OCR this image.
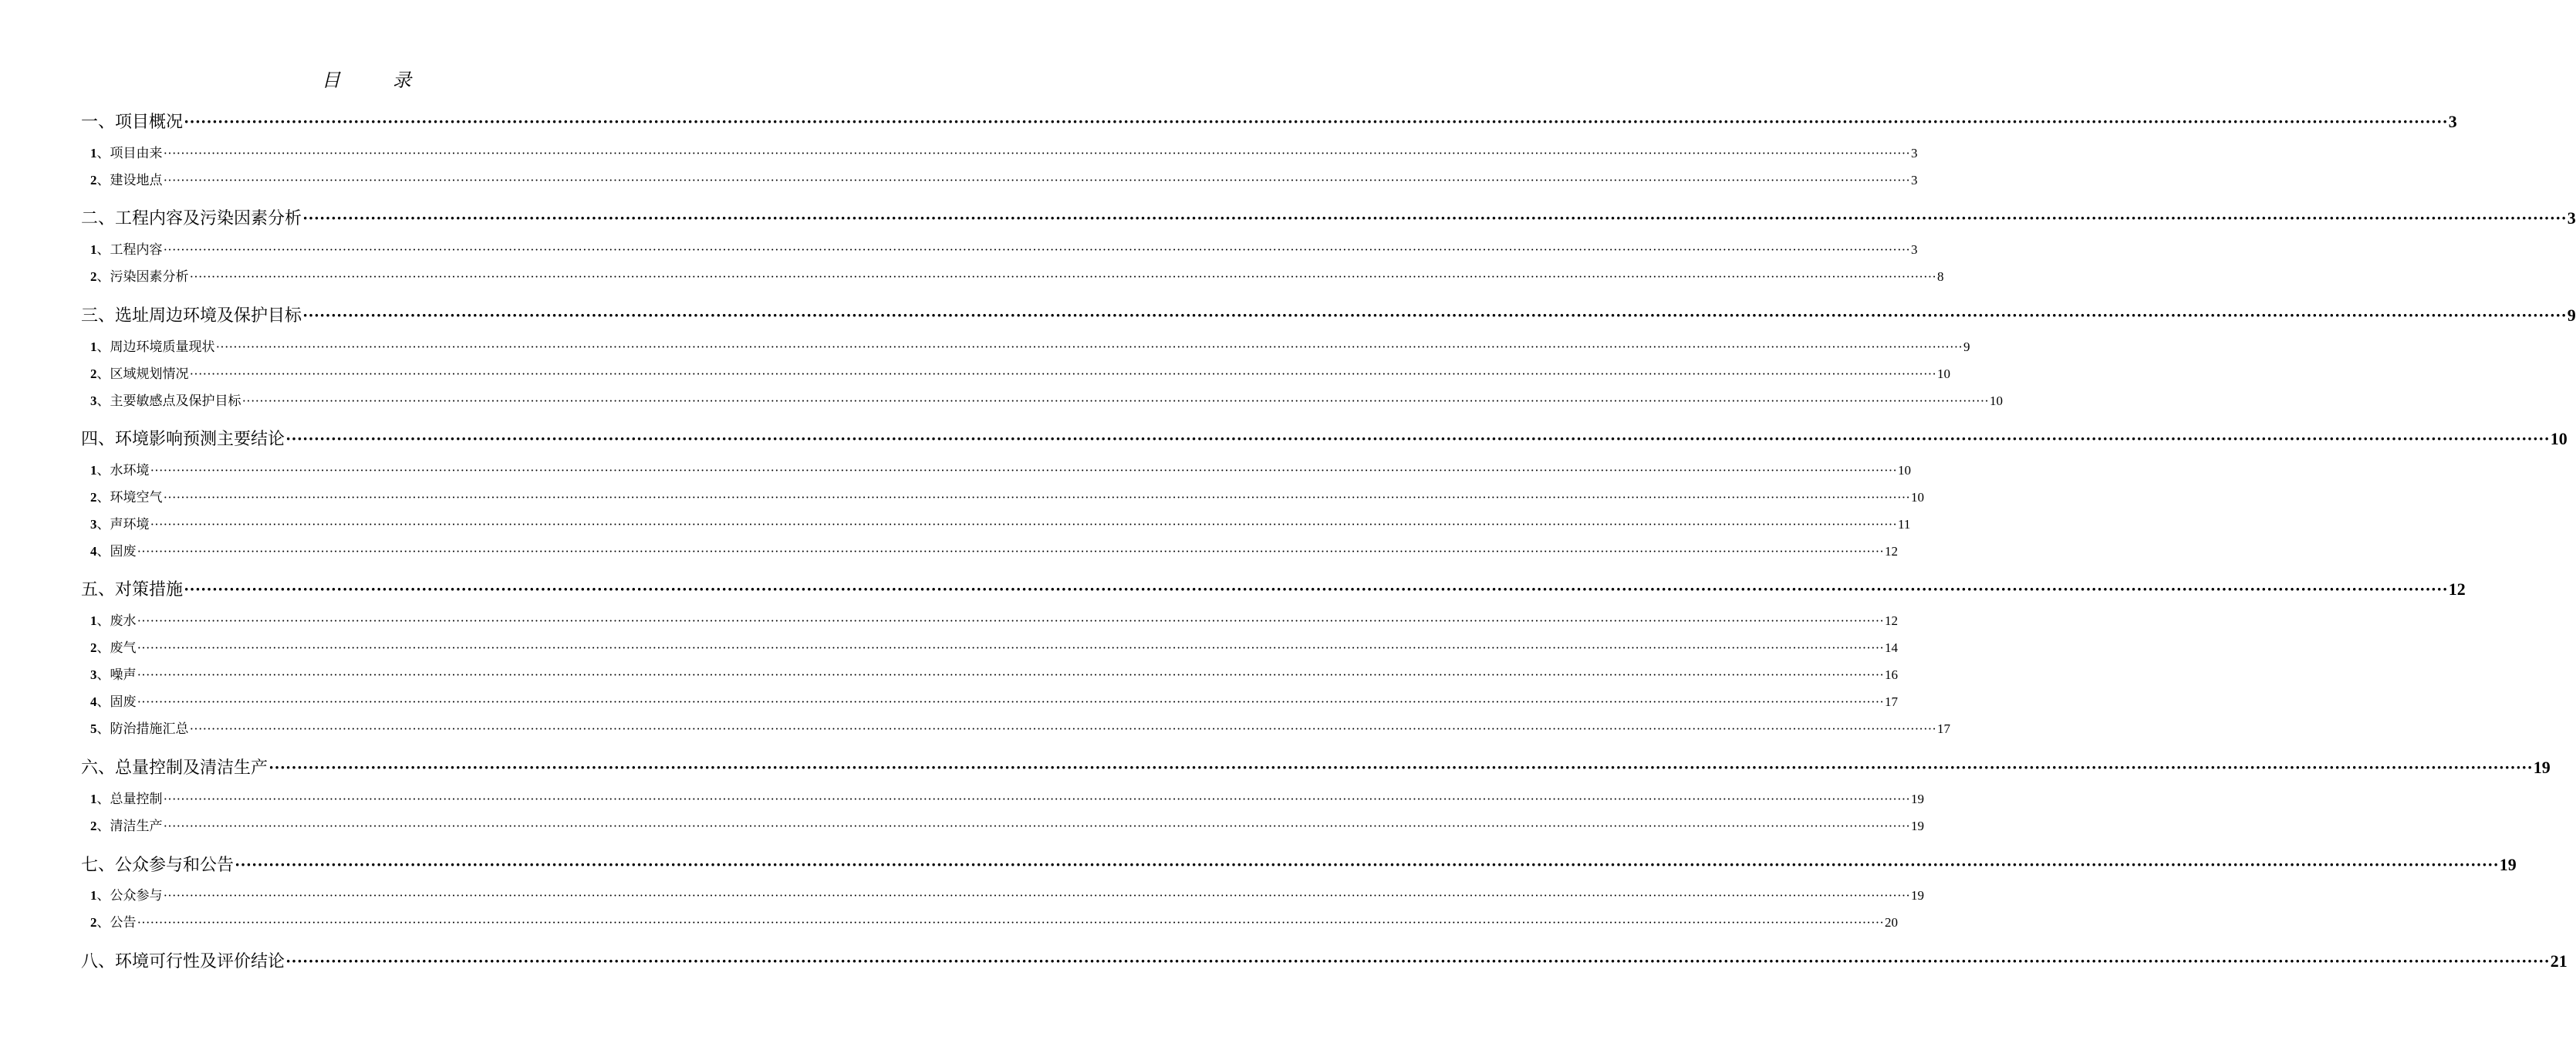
目　录
一、项目概况 ················································································································································································································································································································································································································ 3
1 、项目由来 ················································································································································································································································································································································································································ 3
2 、建设地点 ················································································································································································································································································································································································································ 3
二、工程内容及污染因素分析 ················································································································································································································································································································································································································ 3
1 、工程内容 ················································································································································································································································································································································································································ 3
2 、污染因素分析 ················································································································································································································································································································································································································ 8
三、选址周边环境及保护目标 ················································································································································································································································································································································································································ 9
1 、周边环境质量现状 ················································································································································································································································································································································································································ 9
2 、区域规划情况 ················································································································································································································································································································································································································ 10
3 、主要敏感点及保护目标 ················································································································································································································································································································································································································ 10
四、环境影响预测主要结论 ················································································································································································································································································································································································································ 10
1 、水环境 ················································································································································································································································································································································································································ 10
2 、环境空气 ················································································································································································································································································································································································································ 10
3 、声环境 ················································································································································································································································································································································································································ 11
4 、固废 ················································································································································································································································································································································································································ 12
五、对策措施 ················································································································································································································································································································································································································ 12
1 、废水 ················································································································································································································································································································································································································ 12
2 、废气 ················································································································································································································································································································································································································ 14
3 、噪声 ················································································································································································································································································································································································································ 16
4 、固废 ················································································································································································································································································································································································································ 17
5 、防治措施汇总 ················································································································································································································································································································································································································ 17
六、总量控制及清洁生产 ················································································································································································································································································································································································································ 19
1 、总量控制 ················································································································································································································································································································································································································ 19
2 、清洁生产 ················································································································································································································································································································································································································ 19
七、公众参与和公告 ················································································································································································································································································································································································································ 19
1 、公众参与 ················································································································································································································································································································································································································ 19
2 、公告 ················································································································································································································································································································································································································ 20
八、环境可行性及评价结论 ················································································································································································································································································································································································································ 21
